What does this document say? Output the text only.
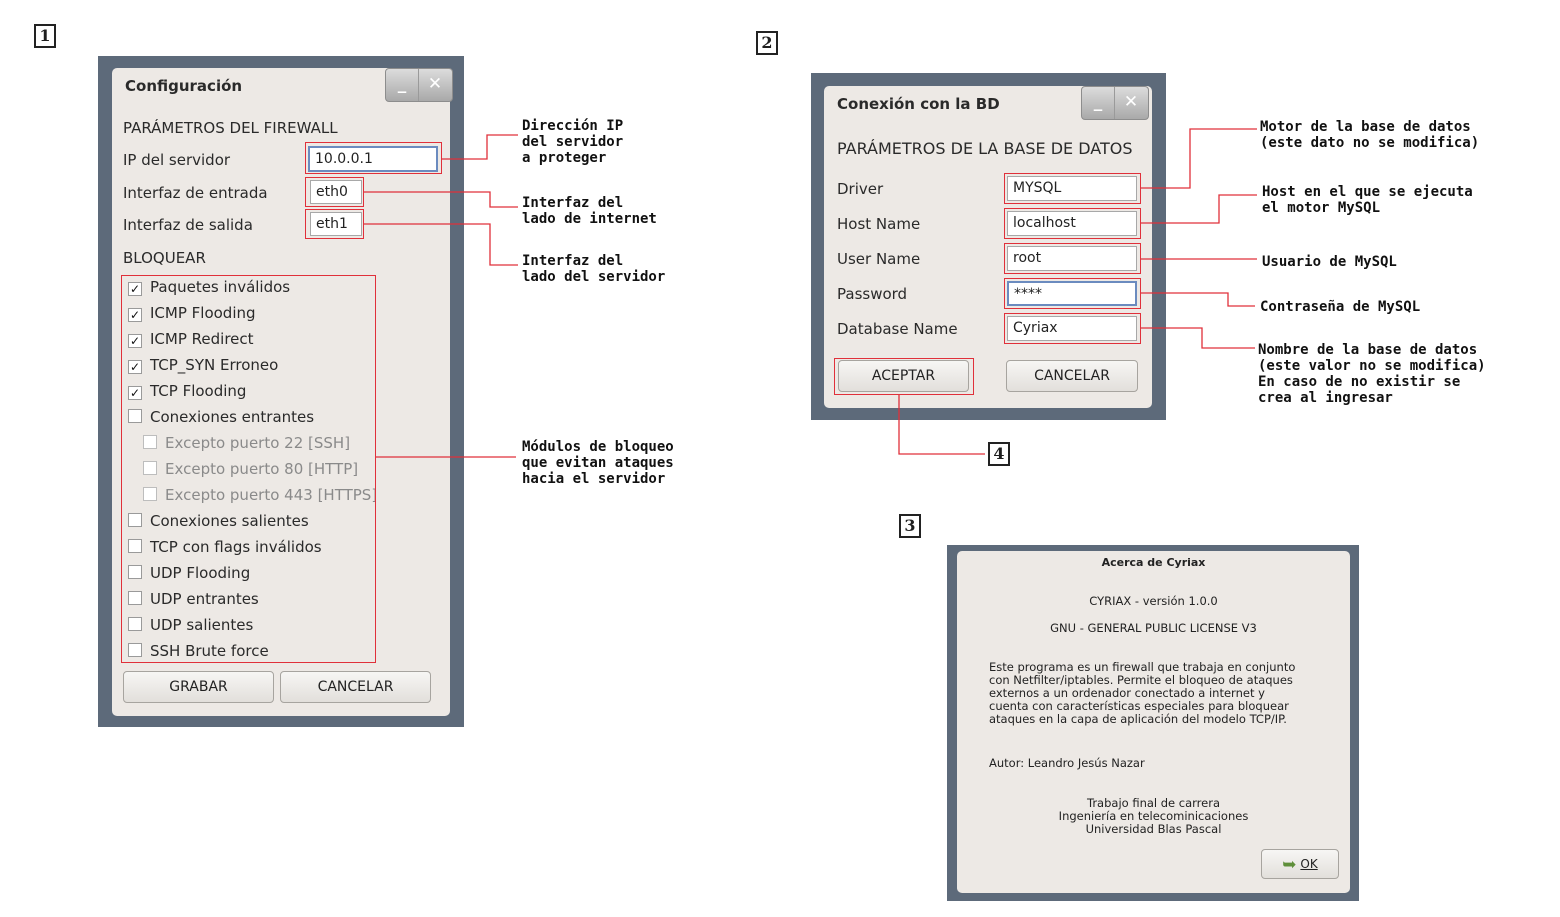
1	2
3
4
Configuración	_	✕
PARÁMETROS DEL FIREWALL
IP del servidor	10.0.0.1
Interfaz de entrada	eth0
Interfaz de salida	eth1
BLOQUEAR
GRABAR	CANCELAR
✓ Paquetes inválidos
✓ ICMP Flooding
✓ ICMP Redirect
✓ TCP_SYN Erroneo
✓ TCP Flooding
Conexiones entrantes
Excepto puerto 22 [SSH]
Excepto puerto 80 [HTTP]
Excepto puerto 443 [HTTPS]
Conexiones salientes
TCP con flags inválidos
UDP Flooding
UDP entrantes
UDP salientes
SSH Brute force
Dirección IP
del servidor
a proteger
Interfaz del
lado de internet
Interfaz del
lado del servidor
Módulos de bloqueo
que evitan ataques
hacia el servidor
Conexión con la BD	_	✕
PARÁMETROS DE LA BASE DE DATOS
Driver	MYSQL
Host Name	localhost
User Name	root
Password	****
Database Name	Cyriax
ACEPTAR	CANCELAR
Motor de la base de datos
(este dato no se modifica)
Host en el que se ejecuta
el motor MySQL
Usuario de MySQL
Contraseña de MySQL
Nombre de la base de datos
(este valor no se modifica)
En caso de no existir se
crea al ingresar
Acerca de Cyriax
CYRIAX - versión 1.0.0
GNU - GENERAL PUBLIC LICENSE V3
Este programa es un firewall que trabaja en conjunto
con Netfilter/iptables. Permite el bloqueo de ataques
externos a un ordenador conectado a internet y
cuenta con características especiales para bloquear
ataques en la capa de aplicación del modelo TCP/IP.
Autor: Leandro Jesús Nazar
Trabajo final de carrera
Ingeniería en telecominicaciones
Universidad Blas Pascal
➥ OK
